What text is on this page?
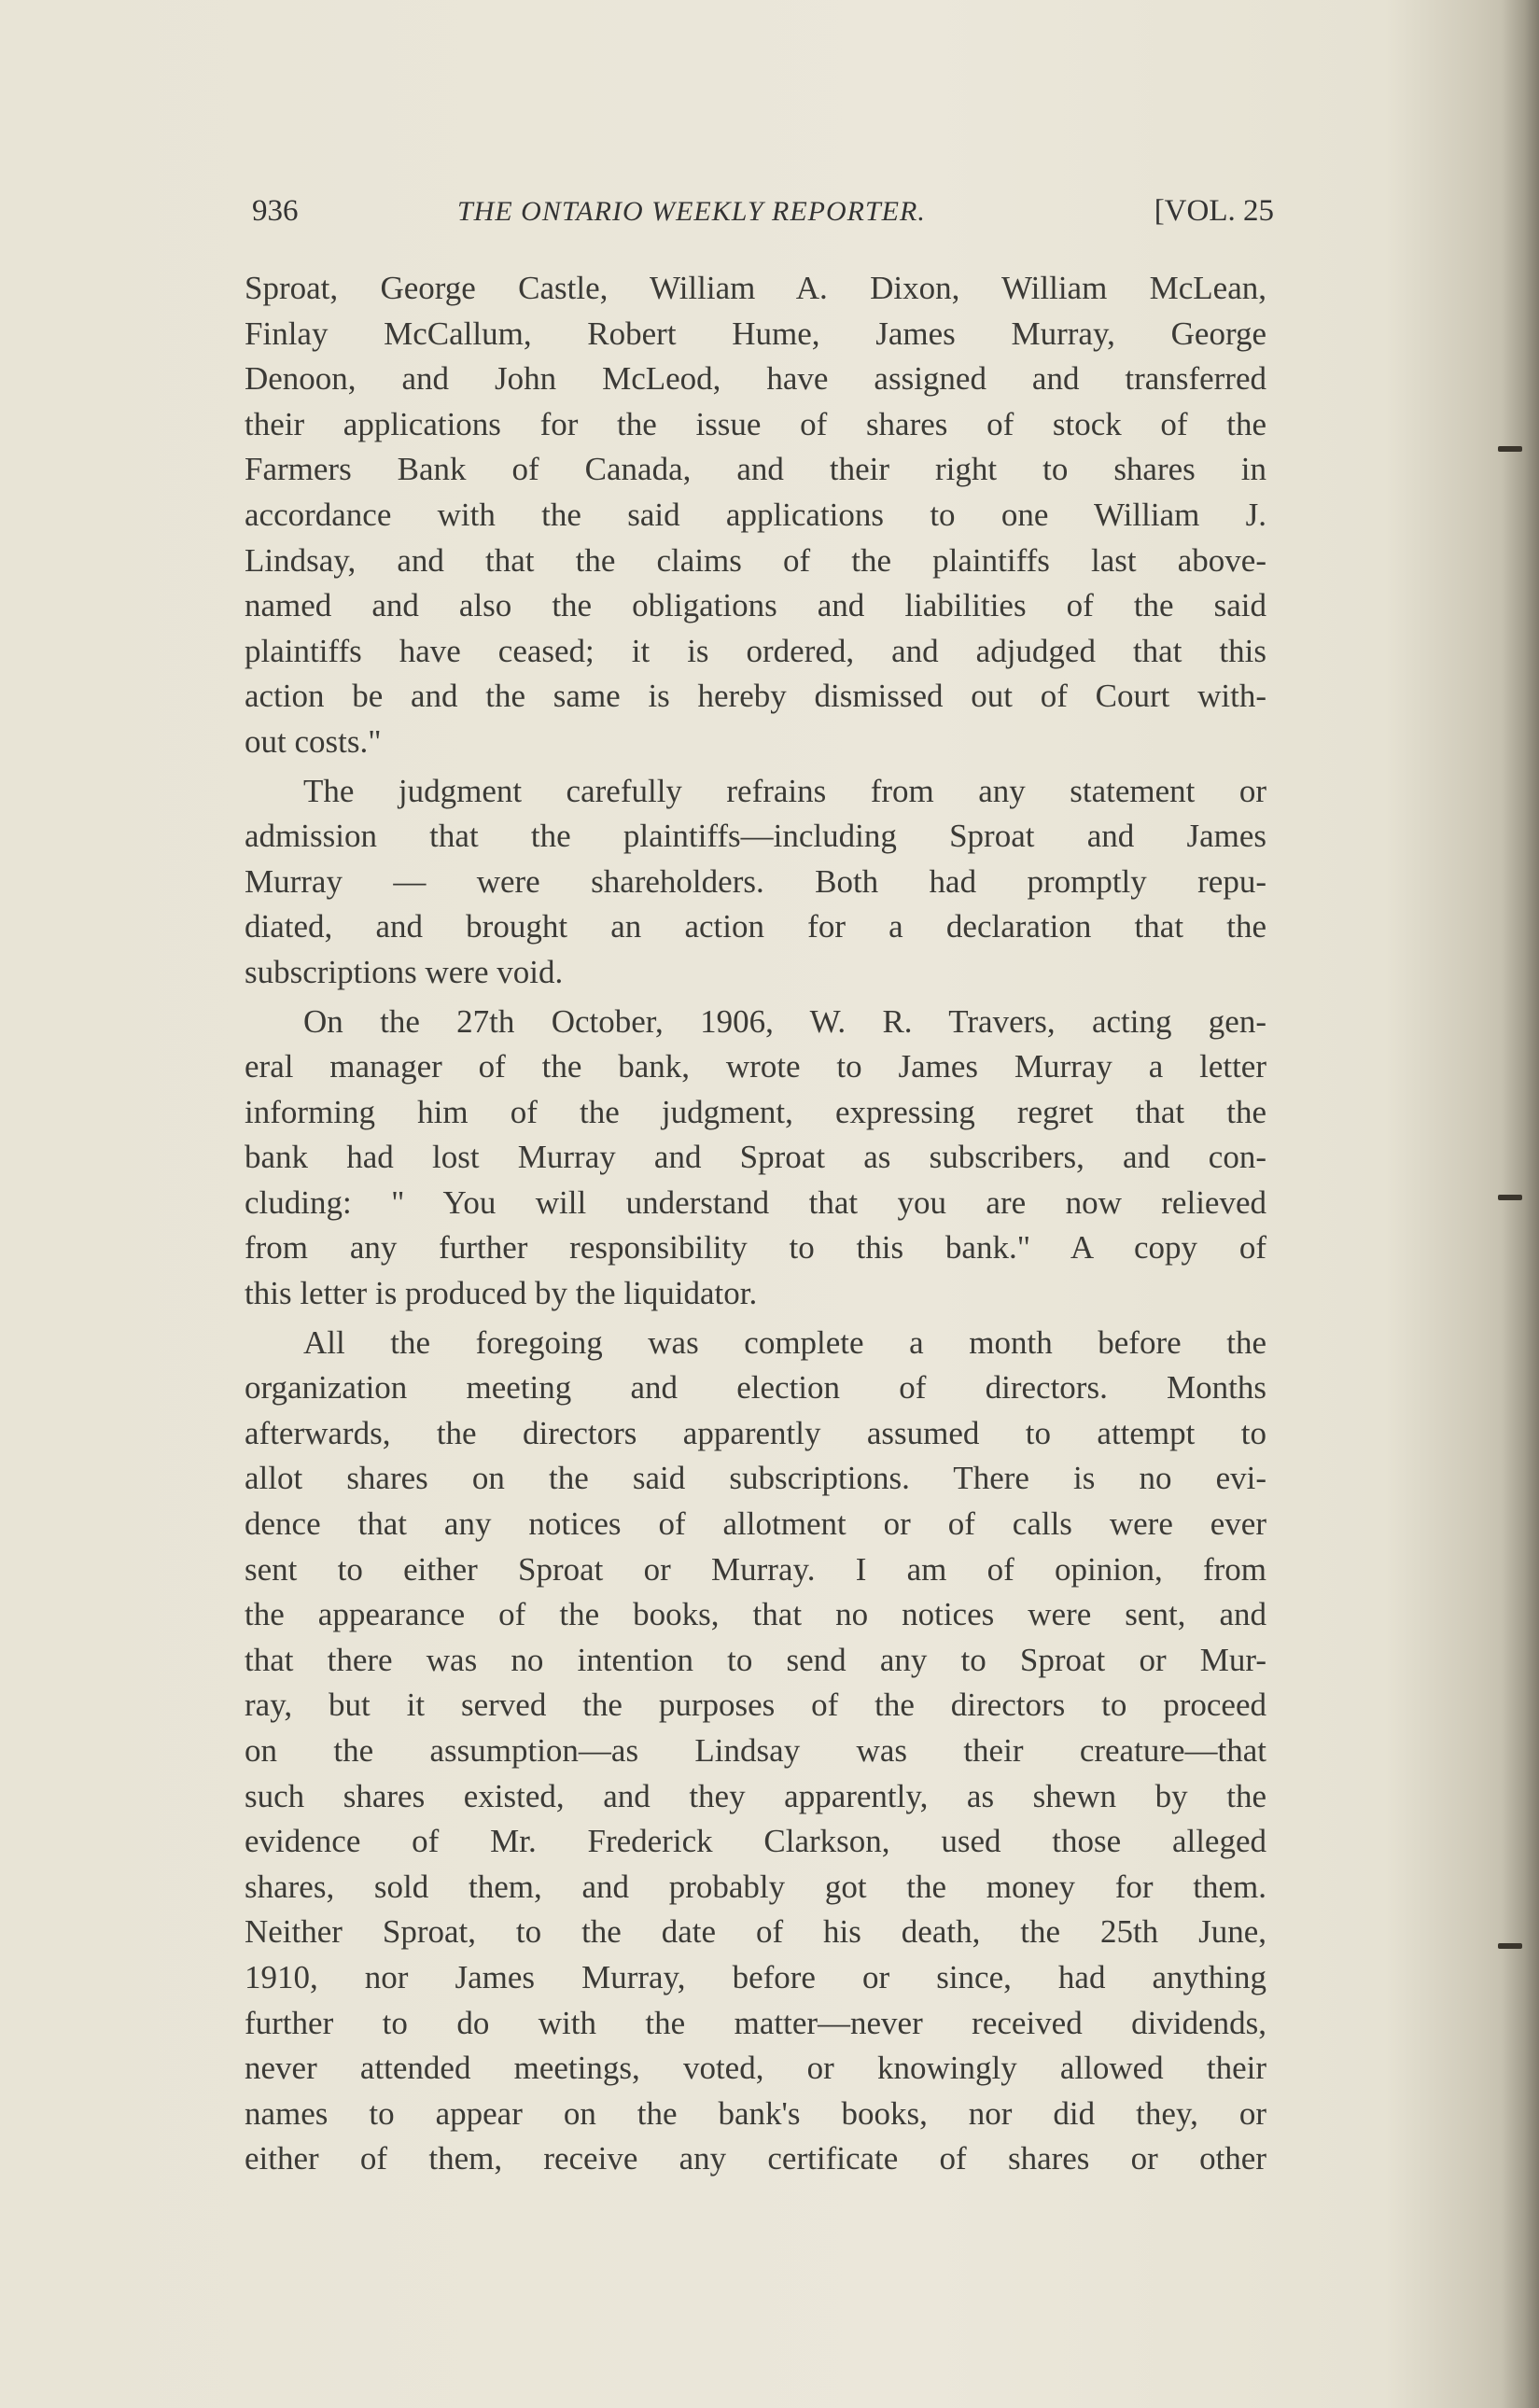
936	THE ONTARIO WEEKLY REPORTER.	[VOL. 25
Sproat, George Castle, William A. Dixon, William McLean,
Finlay McCallum, Robert Hume, James Murray, George
Denoon, and John McLeod, have assigned and transferred
their applications for the issue of shares of stock of the
Farmers Bank of Canada, and their right to shares in
accordance with the said applications to one William J.
Lindsay, and that the claims of the plaintiffs last above-
named and also the obligations and liabilities of the said
plaintiffs have ceased; it is ordered, and adjudged that this
action be and the same is hereby dismissed out of Court with-
out costs."
The judgment carefully refrains from any statement or
admission that the plaintiffs—including Sproat and James
Murray — were shareholders. Both had promptly repu-
diated, and brought an action for a declaration that the
subscriptions were void.
On the 27th October, 1906, W. R. Travers, acting gen-
eral manager of the bank, wrote to James Murray a letter
informing him of the judgment, expressing regret that the
bank had lost Murray and Sproat as subscribers, and con-
cluding: " You will understand that you are now relieved
from any further responsibility to this bank." A copy of
this letter is produced by the liquidator.
All the foregoing was complete a month before the
organization meeting and election of directors. Months
afterwards, the directors apparently assumed to attempt to
allot shares on the said subscriptions. There is no evi-
dence that any notices of allotment or of calls were ever
sent to either Sproat or Murray. I am of opinion, from
the appearance of the books, that no notices were sent, and
that there was no intention to send any to Sproat or Mur-
ray, but it served the purposes of the directors to proceed
on the assumption—as Lindsay was their creature—that
such shares existed, and they apparently, as shewn by the
evidence of Mr. Frederick Clarkson, used those alleged
shares, sold them, and probably got the money for them.
Neither Sproat, to the date of his death, the 25th June,
1910, nor James Murray, before or since, had anything
further to do with the matter—never received dividends,
never attended meetings, voted, or knowingly allowed their
names to appear on the bank's books, nor did they, or
either of them, receive any certificate of shares or other
